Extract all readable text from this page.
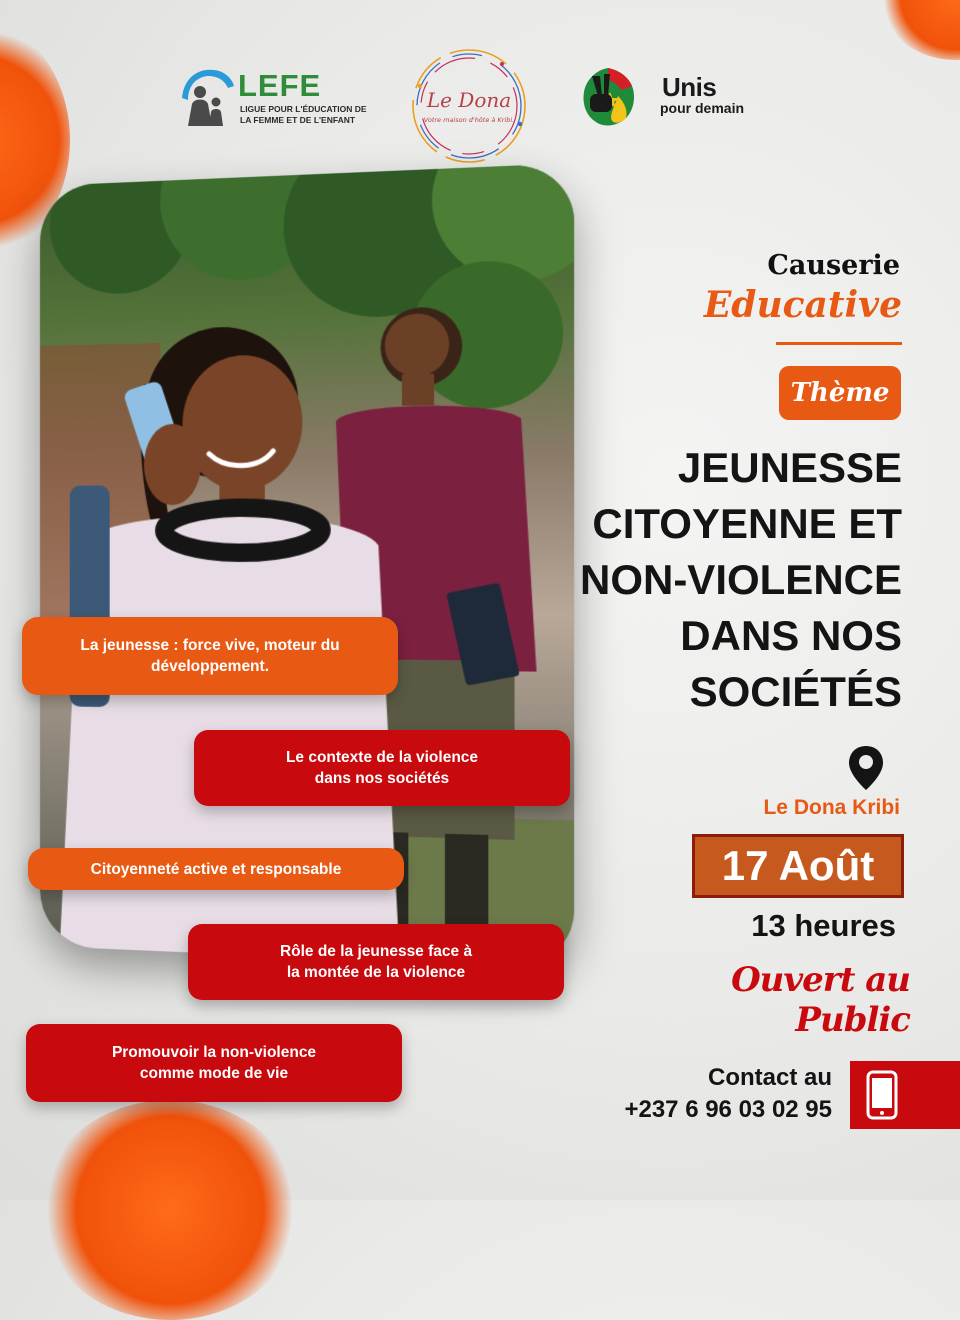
LEFE
LIGUE POUR L'ÉDUCATION DE
LA FEMME ET DE L'ENFANT
Le Dona
Votre maison d'hôte à Kribi.
Unis
pour demain
La jeunesse : force vive, moteur du
développement.
Le contexte de la violence
dans nos sociétés
Citoyenneté active et responsable
Rôle de la jeunesse face à
la montée de la violence
Promouvoir la non-violence
comme mode de vie
Causerie
Educative
Thème
JEUNESSE
CITOYENNE ET
NON-VIOLENCE
DANS NOS
SOCIÉTÉS
Le Dona Kribi
17 Août
13 heures
Ouvert au Public
Contact au
+237 6 96 03 02 95
